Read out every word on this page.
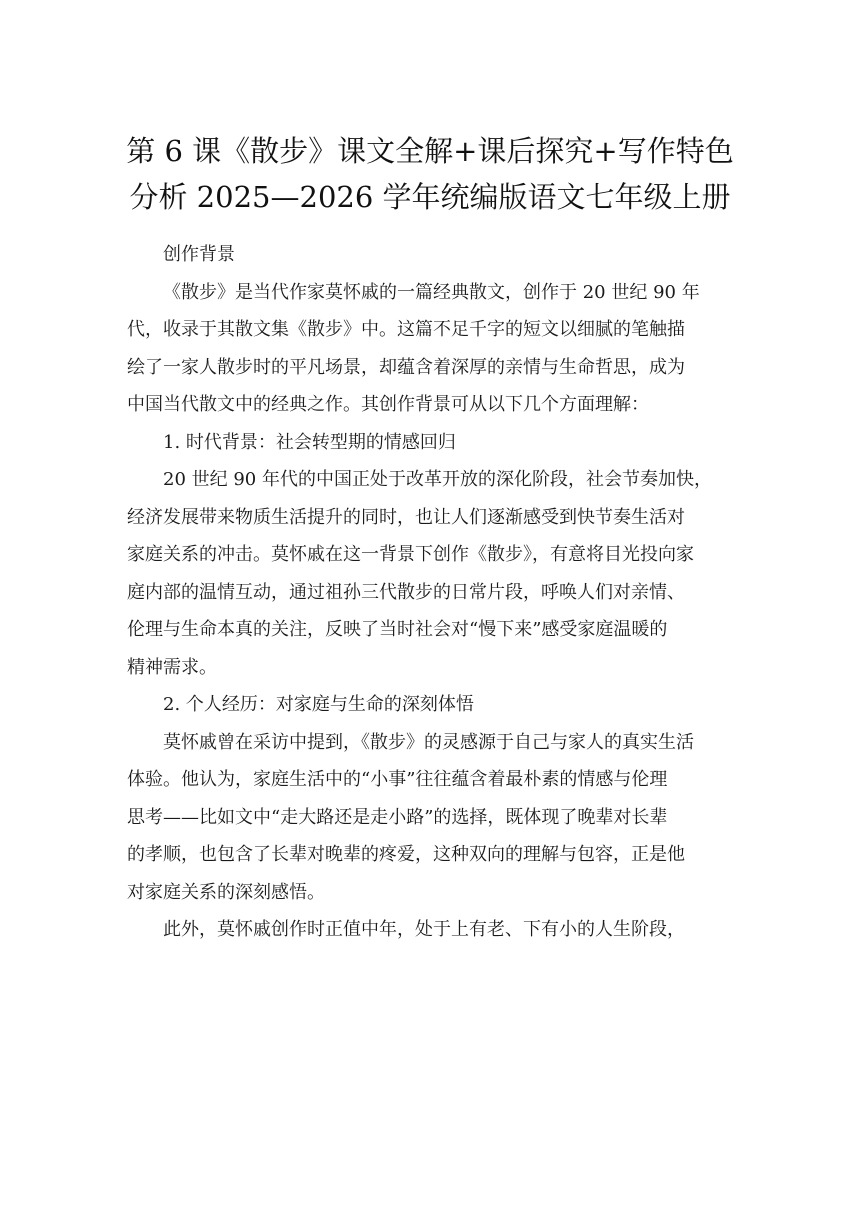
第 6 课《散步》课文全解+课后探究+写作特色
分析 2025—2026 学年统编版语文七年级上册

创作背景

《散步》是当代作家莫怀戚的一篇经典散文，创作于 20 世纪 90 年
代，收录于其散文集《散步》中。这篇不足千字的短文以细腻的笔触描
绘了一家人散步时的平凡场景，却蕴含着深厚的亲情与生命哲思，成为
中国当代散文中的经典之作。其创作背景可从以下几个方面理解：

1. 时代背景：社会转型期的情感回归

20 世纪 90 年代的中国正处于改革开放的深化阶段，社会节奏加快，
经济发展带来物质生活提升的同时，也让人们逐渐感受到快节奏生活对
家庭关系的冲击。莫怀戚在这一背景下创作《散步》，有意将目光投向家
庭内部的温情互动，通过祖孙三代散步的日常片段，呼唤人们对亲情、
伦理与生命本真的关注，反映了当时社会对“慢下来”感受家庭温暖的
精神需求。

2. 个人经历：对家庭与生命的深刻体悟

莫怀戚曾在采访中提到，《散步》的灵感源于自己与家人的真实生活
体验。他认为，家庭生活中的“小事”往往蕴含着最朴素的情感与伦理
思考——比如文中“走大路还是走小路”的选择，既体现了晚辈对长辈
的孝顺，也包含了长辈对晚辈的疼爱，这种双向的理解与包容，正是他
对家庭关系的深刻感悟。

此外，莫怀戚创作时正值中年，处于上有老、下有小的人生阶段，
